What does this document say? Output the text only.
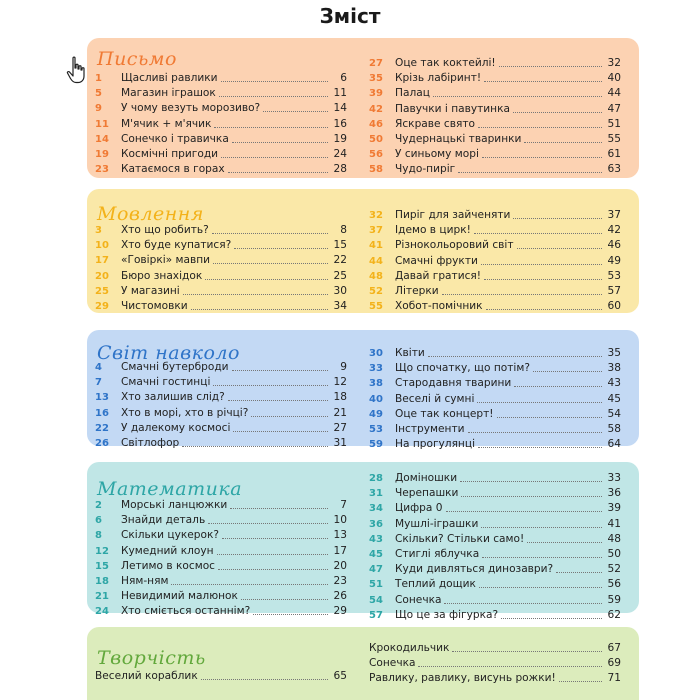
Зміст
Письмо
1	Щасливі равлики	6
5	Магазин іграшок	11
9	У чому везуть морозиво?	14
11	М'ячик + м'ячик	16
14	Сонечко і травичка	19
19	Космічні пригоди	24
23	Катаємося в горах	28
27	Оце так коктейлі!	32
35	Крізь лабіринт!	40
39	Палац	44
42	Павучки і павутинка	47
46	Яскраве свято	51
50	Чудернацькі тваринки	55
56	У синьому морі	61
58	Чудо-пиріг	63
Мовлення
3	Хто що робить?	8
10	Хто буде купатися?	15
17	«Говіркі» мавпи	22
20	Бюро знахідок	25
25	У магазині	30
29	Чистомовки	34
32	Пиріг для зайченяти	37
37	Ідемо в цирк!	42
41	Різнокольоровий світ	46
44	Смачні фрукти	49
48	Давай гратися!	53
52	Літерки	57
55	Хобот-помічник	60
Світ навколо
4	Смачні бутерброди	9
7	Смачні гостинці	12
13	Хто залишив слід?	18
16	Хто в морі, хто в річці?	21
22	У далекому космосі	27
26	Світлофор	31
30	Квіти	35
33	Що спочатку, що потім?	38
38	Стародавня тварини	43
40	Веселі й сумні	45
49	Оце так концерт!	54
53	Інструменти	58
59	На прогулянці	64
Математика
2	Морські ланцюжки	7
6	Знайди деталь	10
8	Скільки цукерок?	13
12	Кумедний клоун	17
15	Летимо в космос	20
18	Ням-ням	23
21	Невидимий малюнок	26
24	Хто сміється останнім?	29
28	Доміношки	33
31	Черепашки	36
34	Цифра 0	39
36	Мушлі-іграшки	41
43	Скільки? Стільки само!	48
45	Стиглі яблучка	50
47	Куди дивляться динозаври?	52
51	Теплий дощик	56
54	Сонечка	59
57	Що це за фігурка?	62
Творчість
Веселий кораблик	65
Крокодильчик	67
Сонечка	69
Равлику, равлику, висунь рожки!	71
